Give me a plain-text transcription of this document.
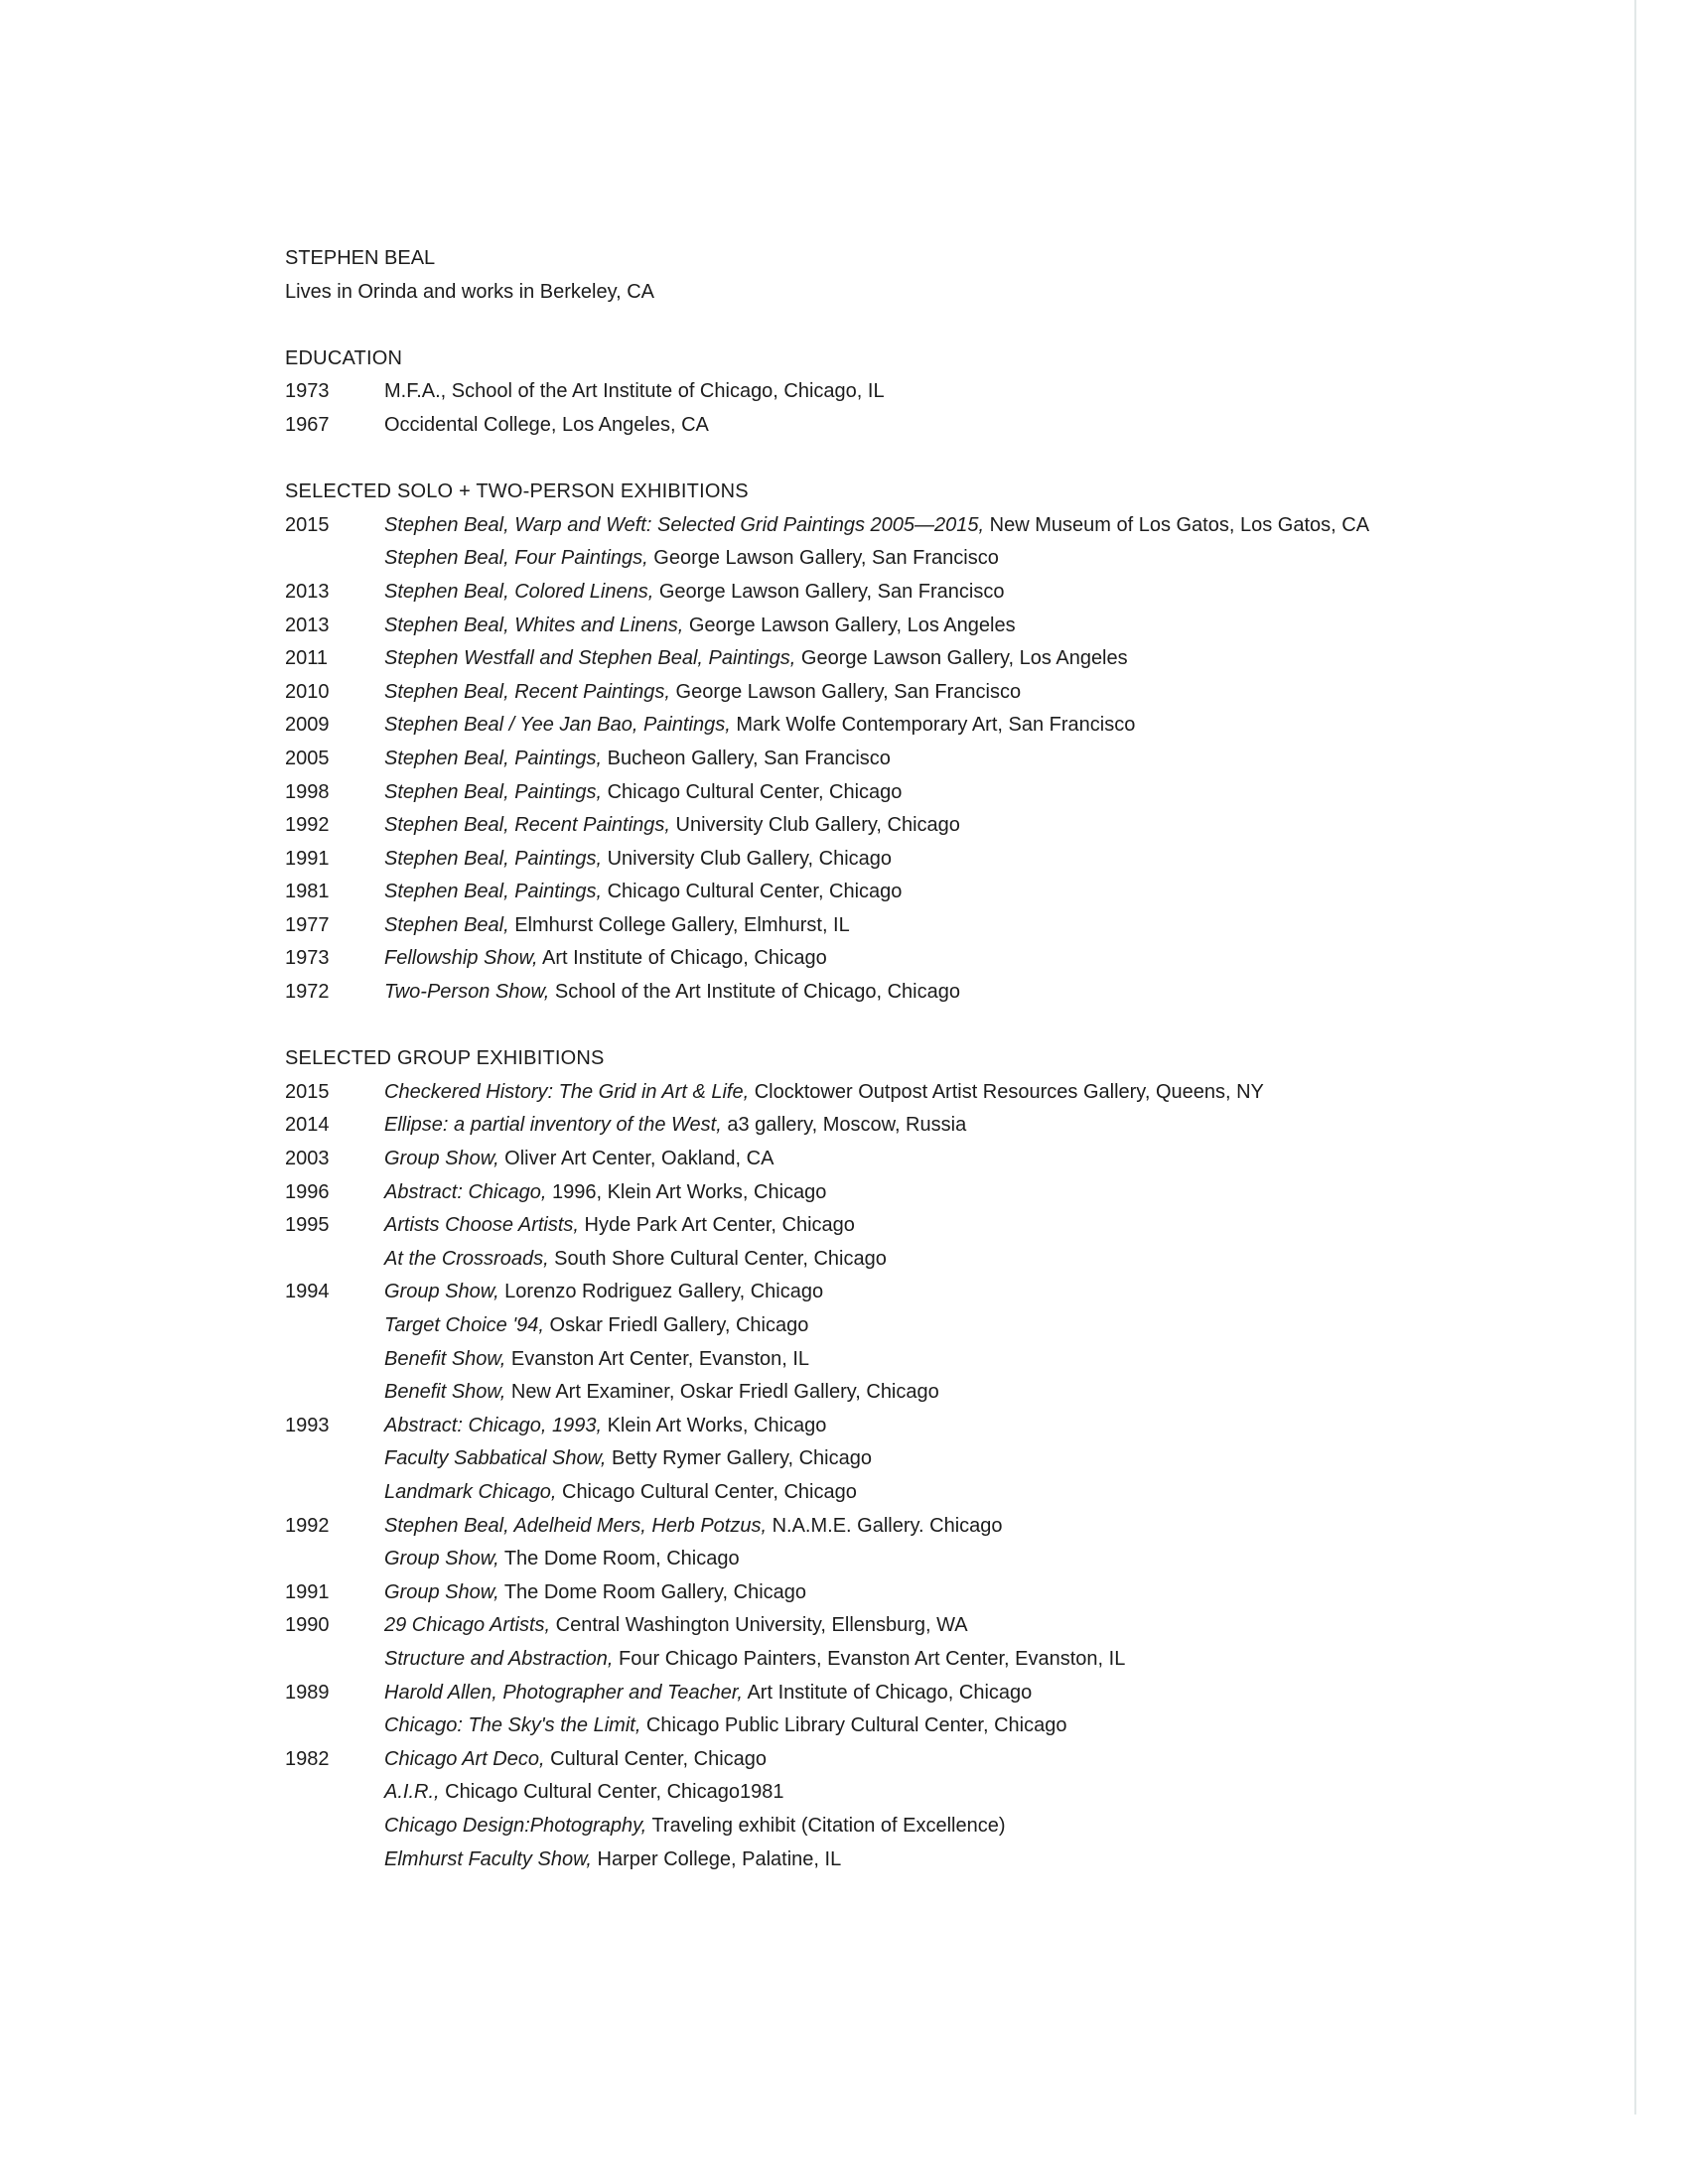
STEPHEN BEAL
Lives in Orinda and works in Berkeley, CA
EDUCATION
1973	M.F.A., School of the Art Institute of Chicago, Chicago, IL
1967	Occidental College, Los Angeles, CA
SELECTED SOLO + TWO-PERSON EXHIBITIONS
2015	Stephen Beal, Warp and Weft: Selected Grid Paintings 2005—2015, New Museum of Los Gatos, Los Gatos, CA
Stephen Beal, Four Paintings, George Lawson Gallery, San Francisco
2013	Stephen Beal, Colored Linens, George Lawson Gallery, San Francisco
2013	Stephen Beal, Whites and Linens, George Lawson Gallery, Los Angeles
2011	Stephen Westfall and Stephen Beal, Paintings, George Lawson Gallery, Los Angeles
2010	Stephen Beal, Recent Paintings, George Lawson Gallery, San Francisco
2009	Stephen Beal / Yee Jan Bao, Paintings, Mark Wolfe Contemporary Art, San Francisco
2005	Stephen Beal, Paintings, Bucheon Gallery, San Francisco
1998	Stephen Beal, Paintings, Chicago Cultural Center, Chicago
1992	Stephen Beal, Recent Paintings, University Club Gallery, Chicago
1991	Stephen Beal, Paintings, University Club Gallery, Chicago
1981	Stephen Beal, Paintings, Chicago Cultural Center, Chicago
1977	Stephen Beal, Elmhurst College Gallery, Elmhurst, IL
1973	Fellowship Show, Art Institute of Chicago, Chicago
1972	Two-Person Show, School of the Art Institute of Chicago, Chicago
SELECTED GROUP EXHIBITIONS
2015	Checkered History: The Grid in Art & Life, Clocktower Outpost Artist Resources Gallery, Queens, NY
2014	Ellipse: a partial inventory of the West, a3 gallery, Moscow, Russia
2003	Group Show, Oliver Art Center, Oakland, CA
1996	Abstract: Chicago, 1996, Klein Art Works, Chicago
1995	Artists Choose Artists, Hyde Park Art Center, Chicago
At the Crossroads, South Shore Cultural Center, Chicago
1994	Group Show, Lorenzo Rodriguez Gallery, Chicago
Target Choice '94, Oskar Friedl Gallery, Chicago
Benefit Show, Evanston Art Center, Evanston, IL
Benefit Show, New Art Examiner, Oskar Friedl Gallery, Chicago
1993	Abstract: Chicago, 1993, Klein Art Works, Chicago
Faculty Sabbatical Show, Betty Rymer Gallery, Chicago
Landmark Chicago, Chicago Cultural Center, Chicago
1992	Stephen Beal, Adelheid Mers, Herb Potzus, N.A.M.E. Gallery. Chicago
Group Show, The Dome Room, Chicago
1991	Group Show, The Dome Room Gallery, Chicago
1990	29 Chicago Artists, Central Washington University, Ellensburg, WA
Structure and Abstraction, Four Chicago Painters, Evanston Art Center, Evanston, IL
1989	Harold Allen, Photographer and Teacher, Art Institute of Chicago, Chicago
Chicago: The Sky's the Limit, Chicago Public Library Cultural Center, Chicago
1982	Chicago Art Deco, Cultural Center, Chicago
A.I.R., Chicago Cultural Center, Chicago1981
Chicago Design:Photography, Traveling exhibit (Citation of Excellence)
Elmhurst Faculty Show, Harper College, Palatine, IL
